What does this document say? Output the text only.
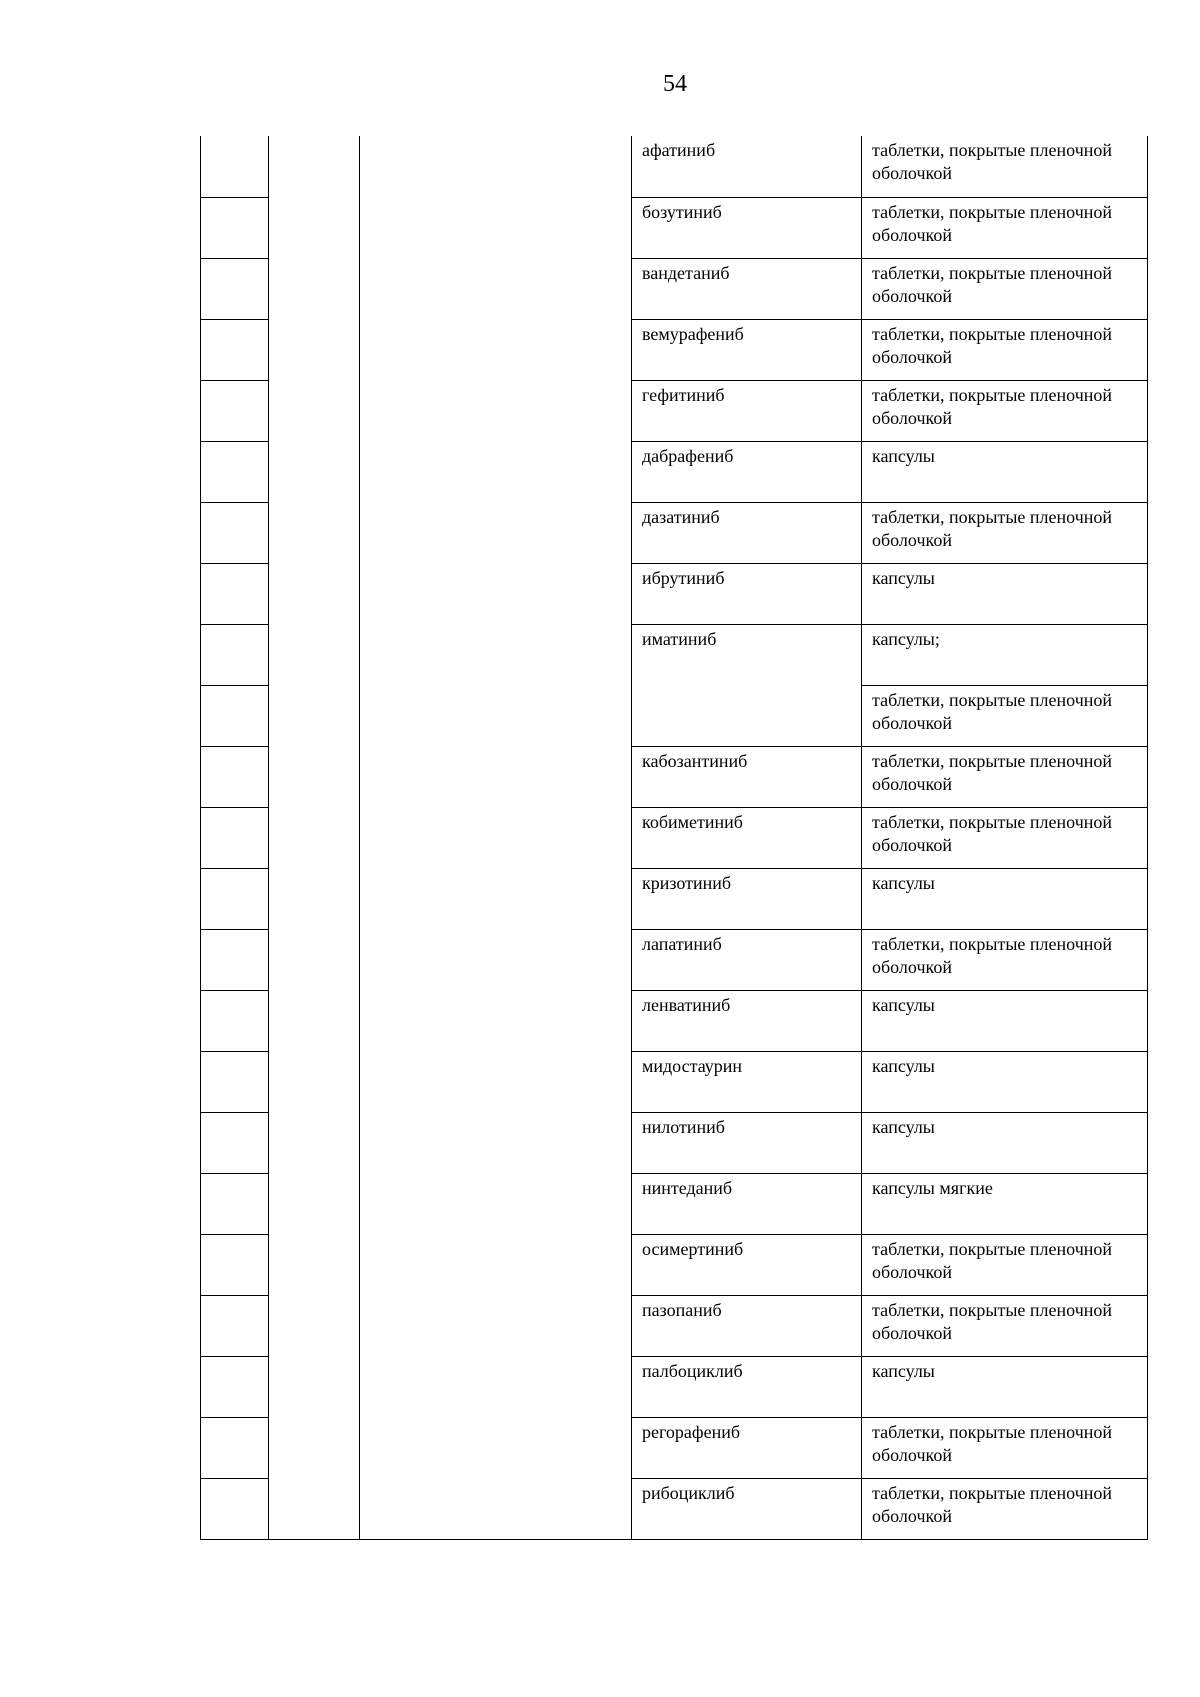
54
			афатиниб	таблетки, покрытые пленочной оболочкой
			бозутиниб	таблетки, покрытые пленочной оболочкой
			вандетаниб	таблетки, покрытые пленочной оболочкой
			вемурафениб	таблетки, покрытые пленочной оболочкой
			гефитиниб	таблетки, покрытые пленочной оболочкой
			дабрафениб	капсулы
			дазатиниб	таблетки, покрытые пленочной оболочкой
			ибрутиниб	капсулы
			иматиниб	капсулы;
				таблетки, покрытые пленочной оболочкой
			кабозантиниб	таблетки, покрытые пленочной оболочкой
			кобиметиниб	таблетки, покрытые пленочной оболочкой
			кризотиниб	капсулы
			лапатиниб	таблетки, покрытые пленочной оболочкой
			ленватиниб	капсулы
			мидостаурин	капсулы
			нилотиниб	капсулы
			нинтеданиб	капсулы мягкие
			осимертиниб	таблетки, покрытые пленочной оболочкой
			пазопаниб	таблетки, покрытые пленочной оболочкой
			палбоциклиб	капсулы
			регорафениб	таблетки, покрытые пленочной оболочкой
			рибоциклиб	таблетки, покрытые пленочной оболочкой
